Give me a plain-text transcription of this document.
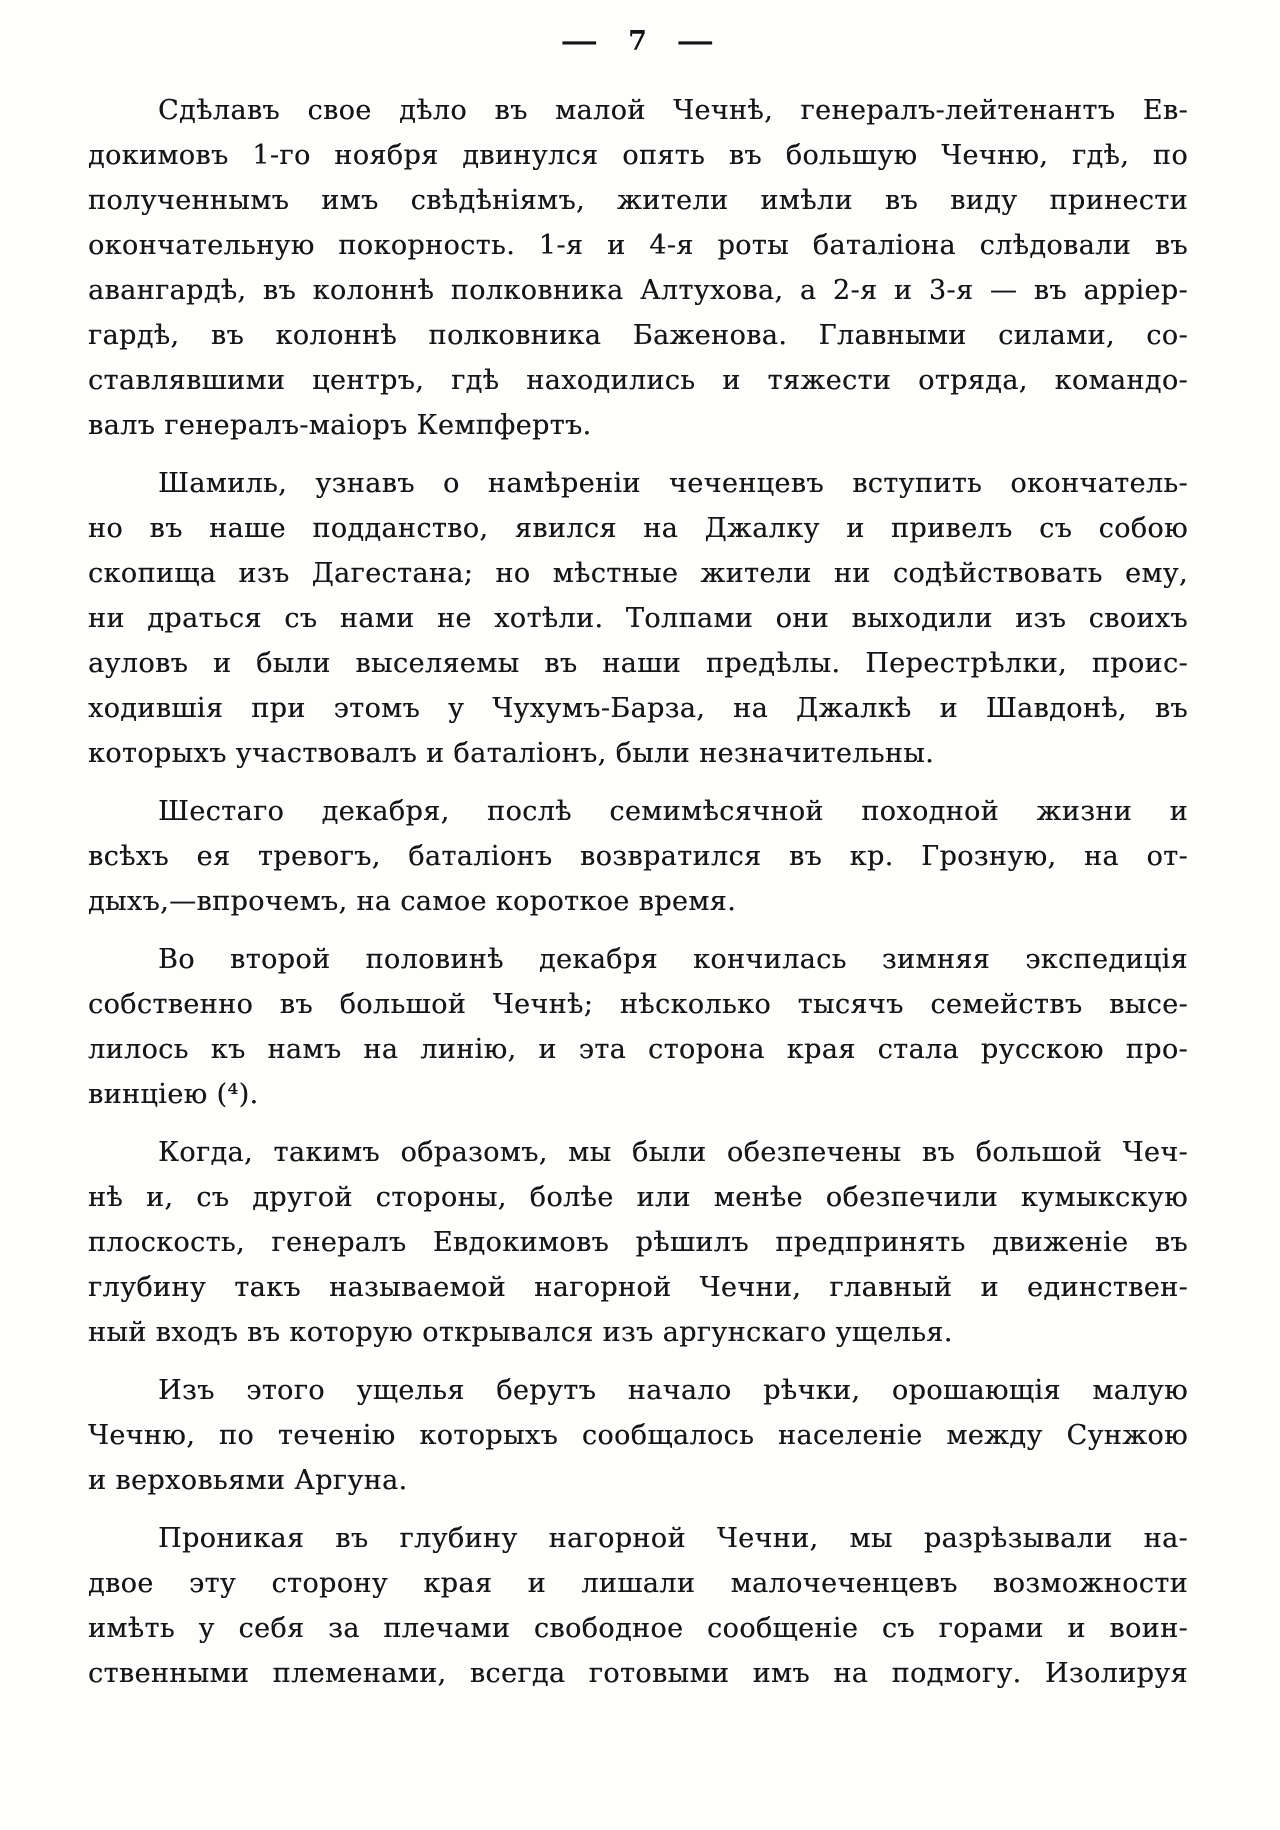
— 7 —
Сдѣлавъ свое дѣло въ малой Чечнѣ, генералъ-лейтенантъ Ев-
докимовъ 1-го ноября двинулся опять въ большую Чечню, гдѣ, по
полученнымъ имъ свѣдѣніямъ, жители имѣли въ виду принести
окончательную покорность. 1-я и 4-я роты баталіона слѣдовали въ
авангардѣ, въ колоннѣ полковника Алтухова, а 2-я и 3-я — въ арріер-
гардѣ, въ колоннѣ полковника Баженова. Главными силами, со-
ставлявшими центръ, гдѣ находились и тяжести отряда, командо-
валъ генералъ-маіоръ Кемпфертъ.
Шамиль, узнавъ о намѣреніи чеченцевъ вступить окончатель-
но въ наше подданство, явился на Джалку и привелъ съ собою
скопища изъ Дагестана; но мѣстные жители ни содѣйствовать ему,
ни драться съ нами не хотѣли. Толпами они выходили изъ своихъ
ауловъ и были выселяемы въ наши предѣлы. Перестрѣлки, проис-
ходившія при этомъ у Чухумъ-Барза, на Джалкѣ и Шавдонѣ, въ
которыхъ участвовалъ и баталіонъ, были незначительны.
Шестаго декабря, послѣ семимѣсячной походной жизни и
всѣхъ ея тревогъ, баталіонъ возвратился въ кр. Грозную, на от-
дыхъ,—впрочемъ, на самое короткое время.
Во второй половинѣ декабря кончилась зимняя экспедиція
собственно въ большой Чечнѣ; нѣсколько тысячъ семействъ высе-
лилось къ намъ на линію, и эта сторона края стала русскою про-
винціею (⁴).
Когда, такимъ образомъ, мы были обезпечены въ большой Чеч-
нѣ и, съ другой стороны, болѣе или менѣе обезпечили кумыкскую
плоскость, генералъ Евдокимовъ рѣшилъ предпринять движеніе въ
глубину такъ называемой нагорной Чечни, главный и единствен-
ный входъ въ которую открывался изъ аргунскаго ущелья.
Изъ этого ущелья берутъ начало рѣчки, орошающія малую
Чечню, по теченію которыхъ сообщалось населеніе между Сунжою
и верховьями Аргуна.
Проникая въ глубину нагорной Чечни, мы разрѣзывали на-
двое эту сторону края и лишали малочеченцевъ возможности
имѣть у себя за плечами свободное сообщеніе съ горами и воин-
ственными племенами, всегда готовыми имъ на подмогу. Изолируя
